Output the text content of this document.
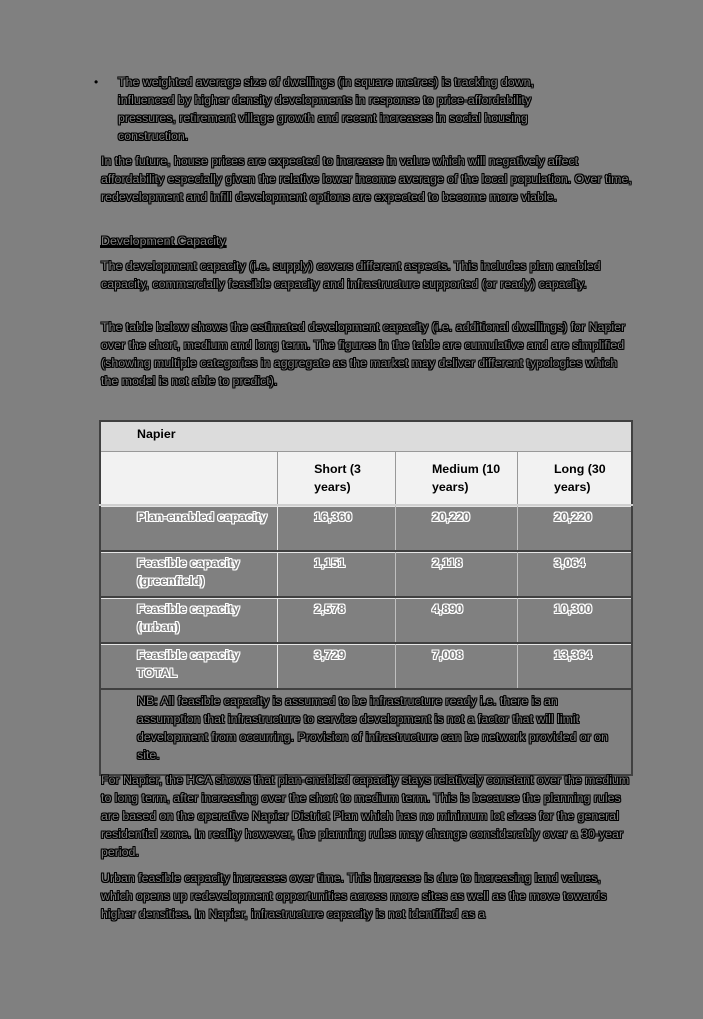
•	The weighted average size of dwellings (in square metres) is tracking down, influenced by higher density developments in response to price-affordability pressures, retirement village growth and recent increases in social housing construction.

In the future, house prices are expected to increase in value which will negatively affect affordability especially given the relative lower income average of the local population. Over time, redevelopment and infill development options are expected to become more viable.

Development Capacity

The development capacity (i.e. supply) covers different aspects. This includes plan enabled capacity, commercially feasible capacity and infrastructure supported (or ready) capacity.

The table below shows the estimated development capacity (i.e. additional dwellings) for Napier over the short, medium and long term. The figures in the table are cumulative and are simplified (showing multiple categories in aggregate as the market may deliver different typologies which the model is not able to predict).

Napier			
	Short (3 years)	Medium (10 years)	Long (30 years)
Plan-enabled capacity	16,360	20,220	20,220
Feasible capacity (greenfield)	1,151	2,118	3,064
Feasible capacity (urban)	2,578	4,890	10,300
Feasible capacity TOTAL	3,729	7,008	13,364
NB: All feasible capacity is assumed to be infrastructure ready i.e. there is an assumption that infrastructure to service development is not a factor that will limit development from occurring. Provision of infrastructure can be network provided or on site.			

For Napier, the HCA shows that plan-enabled capacity stays relatively constant over the medium to long term, after increasing over the short to medium term. This is because the planning rules are based on the operative Napier District Plan which has no minimum lot sizes for the general residential zone. In reality however, the planning rules may change considerably over a 30-year period.

Urban feasible capacity increases over time. This increase is due to increasing land values, which opens up redevelopment opportunities across more sites as well as the move towards higher densities. In Napier, infrastructure capacity is not identified as a
